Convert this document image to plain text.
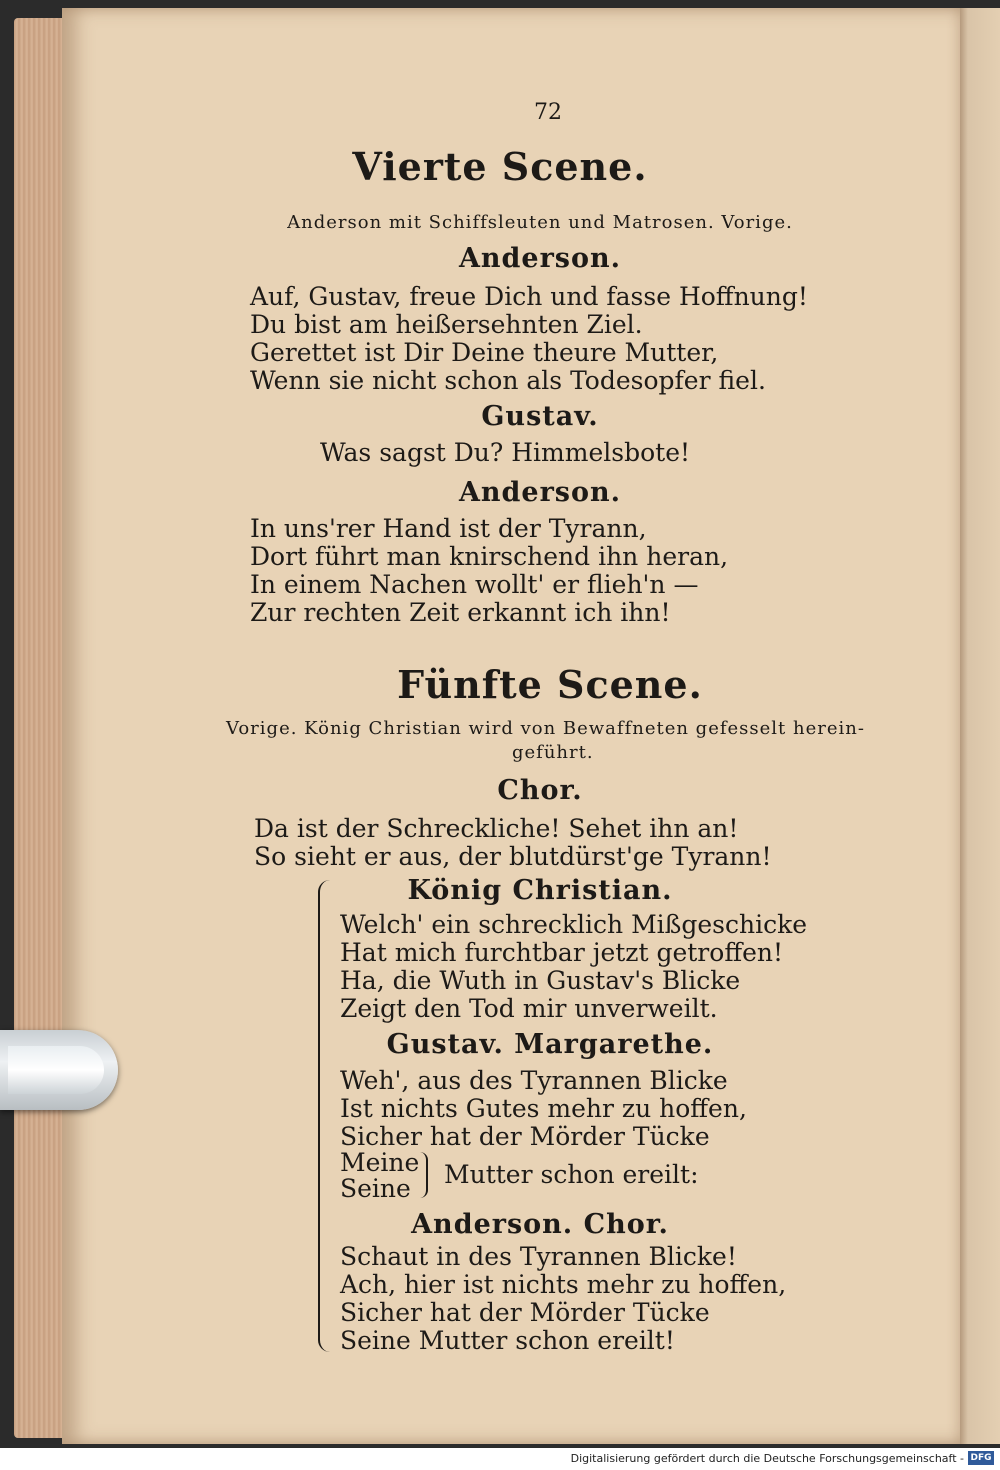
72
Vierte Scene.
Anderson mit Schiffsleuten und Matrosen. Vorige.
Anderson.
Auf, Gustav, freue Dich und fasse Hoffnung!
Du bist am heißersehnten Ziel.
Gerettet ist Dir Deine theure Mutter,
Wenn sie nicht schon als Todesopfer fiel.
Gustav.
Was sagst Du? Himmelsbote!
Anderson.
In uns'rer Hand ist der Tyrann,
Dort führt man knirschend ihn heran,
In einem Nachen wollt' er flieh'n —
Zur rechten Zeit erkannt ich ihn!
Fünfte Scene.
Vorige. König Christian wird von Bewaffneten gefesselt herein-
geführt.
Chor.
Da ist der Schreckliche! Sehet ihn an!
So sieht er aus, der blutdürst'ge Tyrann!
König Christian.
Welch' ein schrecklich Mißgeschicke
Hat mich furchtbar jetzt getroffen!
Ha, die Wuth in Gustav's Blicke
Zeigt den Tod mir unverweilt.
Gustav. Margarethe.
Weh', aus des Tyrannen Blicke
Ist nichts Gutes mehr zu hoffen,
Sicher hat der Mörder Tücke
Meine
Seine Mutter schon ereilt:
Anderson. Chor.
Schaut in des Tyrannen Blicke!
Ach, hier ist nichts mehr zu hoffen,
Sicher hat der Mörder Tücke
Seine Mutter schon ereilt!
Digitalisierung gefördert durch die Deutsche Forschungsgemeinschaft - DFG
